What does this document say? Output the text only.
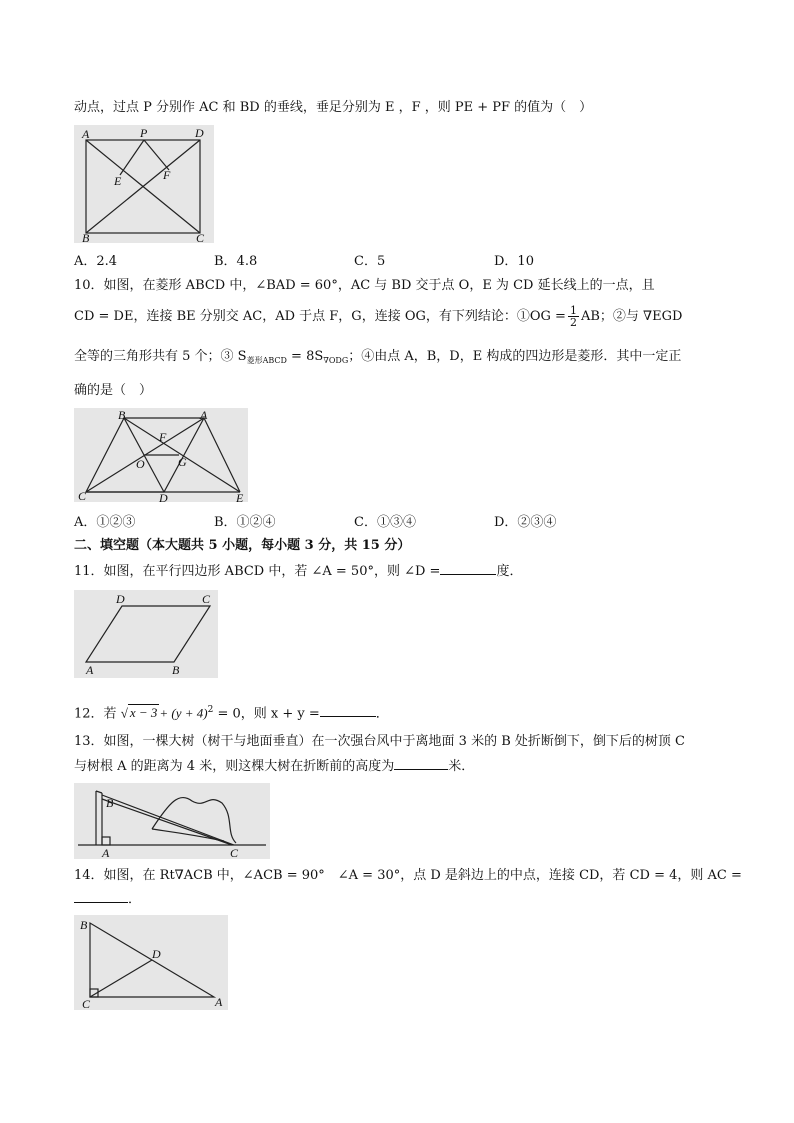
动点，过点 P 分别作 AC 和 BD 的垂线，垂足分别为 E ，F ，则 PE + PF 的值为（　）
A	P	D
E	F
B	C
A．2.4	B．4.8	C．5	D．10
10．如图，在菱形 ABCD 中，∠BAD = 60°，AC 与 BD 交于点 O，E 为 CD 延长线上的一点，且
CD = DE，连接 BE 分别交 AC，AD 于点 F，G，连接 OG，有下列结论：①OG = $\frac{1}{2}$ AB；②与 ∇EGD
全等的三角形共有 5 个；③ $S_{菱形ABCD} = 8S_{\nabla ODG}$；④由点 A，B，D，E 构成的四边形是菱形．其中一定正
确的是（　）
B	A
F
O	G
C	D	E
A．①②③	B．①②④	C．①③④	D．②③④
二、填空题（本大题共 5 小题，每小题 3 分，共 15 分）
11．如图，在平行四边形 ABCD 中，若 ∠A = 50°，则 ∠D =	度．
D	C
A	B
12．若 √ $x - 3 + (y + 4)^2 = 0$，则 x + y =	．
13．如图，一棵大树（树干与地面垂直）在一次强台风中于离地面 3 米的 B 处折断倒下，倒下后的树顶 C
与树根 A 的距离为 4 米，则这棵大树在折断前的高度为	米．
B
A	C
14．如图，在 Rt∇ACB 中，∠ACB = 90°　∠A = 30°，点 D 是斜边上的中点，连接 CD，若 CD = 4，则 AC =
．
B
D
C	A
